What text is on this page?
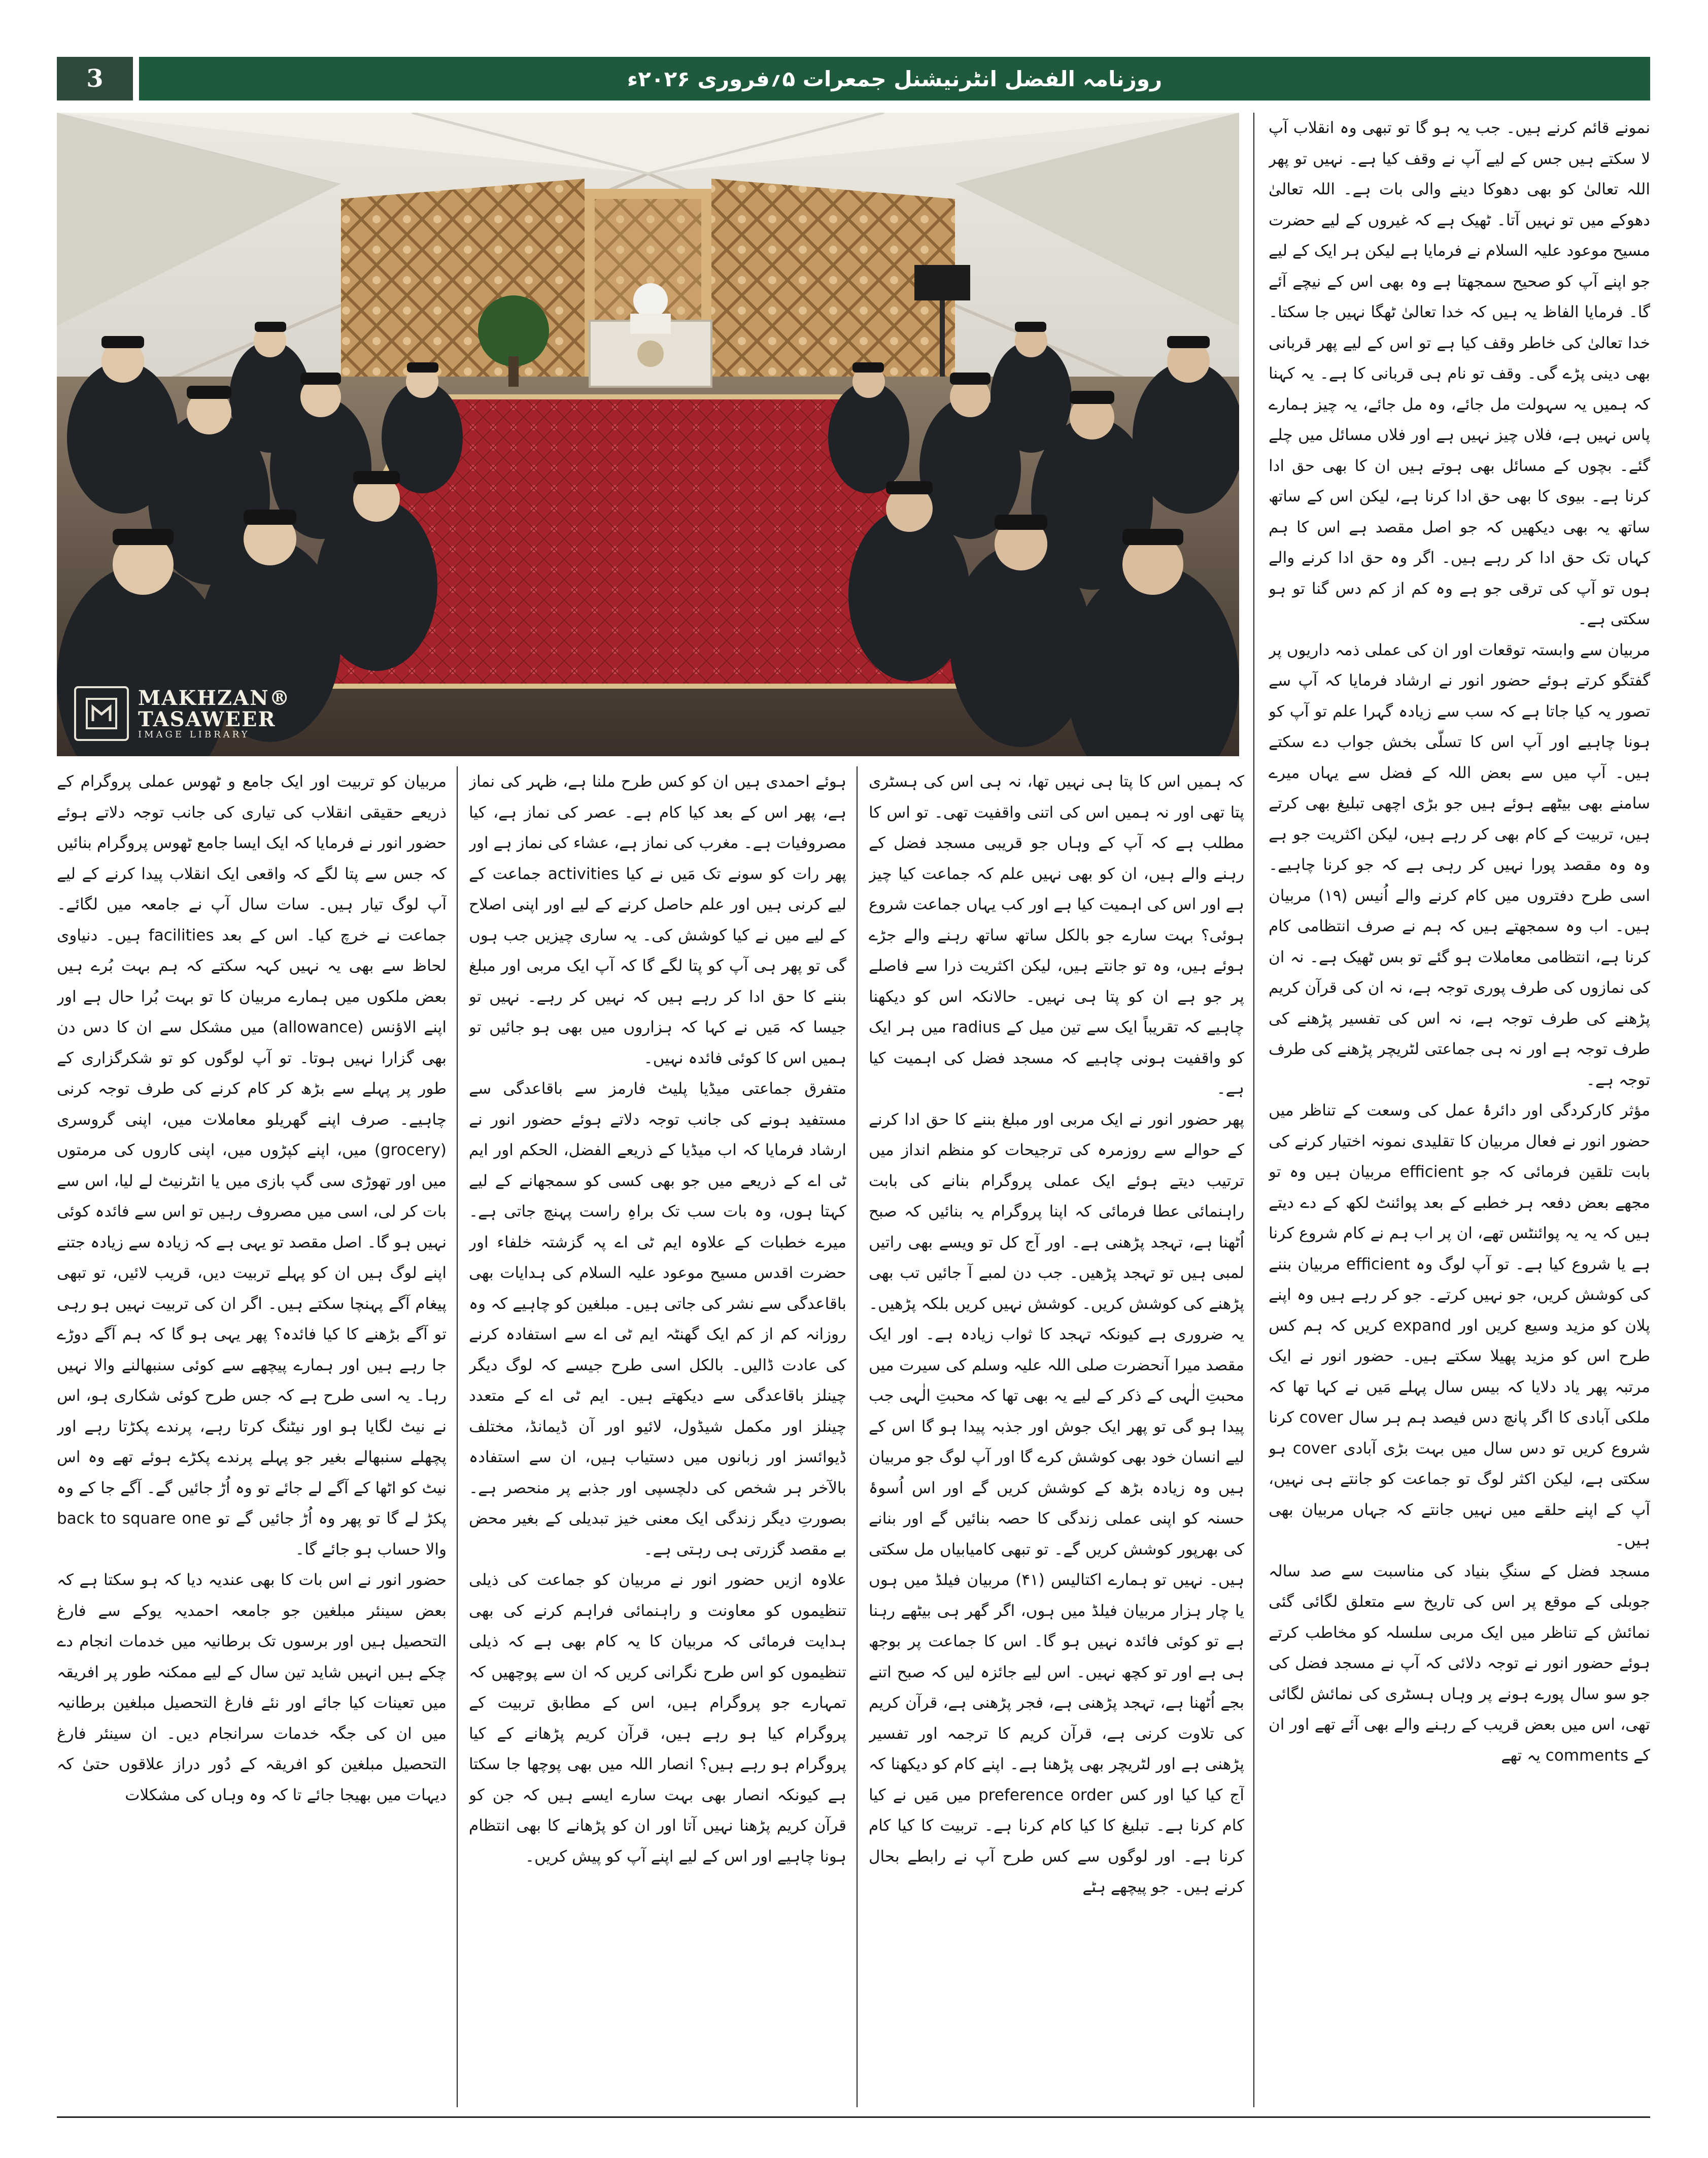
3	روزنامہ الفضل انٹرنیشنل جمعرات ۵؍فروری ۲۰۲۶ء
MAKHZAN®
TASAWEER
IMAGE LIBRARY

نمونے قائم کرنے ہیں۔ جب یہ ہو گا تو تبھی وہ انقلاب آپ لا سکتے ہیں جس کے لیے آپ نے وقف کیا ہے۔ نہیں تو پھر اللہ تعالیٰ کو بھی دھوکا دینے والی بات ہے۔ اللہ تعالیٰ دھوکے میں تو نہیں آتا۔ ٹھیک ہے کہ غیروں کے لیے حضرت مسیح موعود علیہ السلام نے فرمایا ہے لیکن ہر ایک کے لیے جو اپنے آپ کو صحیح سمجھتا ہے وہ بھی اس کے نیچے آئے گا۔ فرمایا الفاظ یہ ہیں کہ خدا تعالیٰ ٹھگا نہیں جا سکتا۔ خدا تعالیٰ کی خاطر وقف کیا ہے تو اس کے لیے پھر قربانی بھی دینی پڑے گی۔ وقف تو نام ہی قربانی کا ہے۔ یہ کہنا کہ ہمیں یہ سہولت مل جائے، وہ مل جائے، یہ چیز ہمارے پاس نہیں ہے، فلاں چیز نہیں ہے اور فلاں مسائل میں چلے گئے۔ بچوں کے مسائل بھی ہوتے ہیں ان کا بھی حق ادا کرنا ہے۔ بیوی کا بھی حق ادا کرنا ہے، لیکن اس کے ساتھ ساتھ یہ بھی دیکھیں کہ جو اصل مقصد ہے اس کا ہم کہاں تک حق ادا کر رہے ہیں۔ اگر وہ حق ادا کرنے والے ہوں تو آپ کی ترقی جو ہے وہ کم از کم دس گنا تو ہو سکتی ہے۔

مربیان سے وابستہ توقعات اور ان کی عملی ذمہ داریوں پر گفتگو کرتے ہوئے حضور انور نے ارشاد فرمایا کہ آپ سے تصور یہ کیا جاتا ہے کہ سب سے زیادہ گہرا علم تو آپ کو ہونا چاہیے اور آپ اس کا تسلّی بخش جواب دے سکتے ہیں۔ آپ میں سے بعض اللہ کے فضل سے یہاں میرے سامنے بھی بیٹھے ہوئے ہیں جو بڑی اچھی تبلیغ بھی کرتے ہیں، تربیت کے کام بھی کر رہے ہیں، لیکن اکثریت جو ہے وہ وہ مقصد پورا نہیں کر رہی ہے کہ جو کرنا چاہیے۔ اسی طرح دفتروں میں کام کرنے والے اُنیس (۱۹) مربیان ہیں۔ اب وہ سمجھتے ہیں کہ ہم نے صرف انتظامی کام کرنا ہے، انتظامی معاملات ہو گئے تو بس ٹھیک ہے۔ نہ ان کی نمازوں کی طرف پوری توجہ ہے، نہ ان کی قرآن کریم پڑھنے کی طرف توجہ ہے، نہ اس کی تفسیر پڑھنے کی طرف توجہ ہے اور نہ ہی جماعتی لٹریچر پڑھنے کی طرف توجہ ہے۔

مؤثر کارکردگی اور دائرۂ عمل کی وسعت کے تناظر میں حضور انور نے فعال مربیان کا تقلیدی نمونہ اختیار کرنے کی بابت تلقین فرمائی کہ جو efficient مربیان ہیں وہ تو مجھے بعض دفعہ ہر خطبے کے بعد پوائنٹ لکھ کے دے دیتے ہیں کہ یہ یہ پوائنٹس تھے، ان پر اب ہم نے کام شروع کرنا ہے یا شروع کیا ہے۔ تو آپ لوگ وہ efficient مربیان بننے کی کوشش کریں، جو نہیں کرتے۔ جو کر رہے ہیں وہ اپنے پلان کو مزید وسیع کریں اور expand کریں کہ ہم کس طرح اس کو مزید پھیلا سکتے ہیں۔ حضور انور نے ایک مرتبہ پھر یاد دلایا کہ بیس سال پہلے مَیں نے کہا تھا کہ ملکی آبادی کا اگر پانچ دس فیصد ہم ہر سال cover کرنا شروع کریں تو دس سال میں بہت بڑی آبادی cover ہو سکتی ہے، لیکن اکثر لوگ تو جماعت کو جانتے ہی نہیں، آپ کے اپنے حلقے میں نہیں جانتے کہ جہاں مربیان بھی ہیں۔

مسجد فضل کے سنگِ بنیاد کی مناسبت سے صد سالہ جوبلی کے موقع پر اس کی تاریخ سے متعلق لگائی گئی نمائش کے تناظر میں ایک مربی سلسلہ کو مخاطب کرتے ہوئے حضور انور نے توجہ دلائی کہ آپ نے مسجد فضل کی جو سو سال پورے ہونے پر وہاں ہسٹری کی نمائش لگائی تھی، اس میں بعض قریب کے رہنے والے بھی آئے تھے اور ان کے comments یہ تھے

کہ ہمیں اس کا پتا ہی نہیں تھا، نہ ہی اس کی ہسٹری پتا تھی اور نہ ہمیں اس کی اتنی واقفیت تھی۔ تو اس کا مطلب ہے کہ آپ کے وہاں جو قریبی مسجد فضل کے رہنے والے ہیں، ان کو بھی نہیں علم کہ جماعت کیا چیز ہے اور اس کی اہمیت کیا ہے اور کب یہاں جماعت شروع ہوئی؟ بہت سارے جو بالکل ساتھ ساتھ رہنے والے جڑے ہوئے ہیں، وہ تو جانتے ہیں، لیکن اکثریت ذرا سے فاصلے پر جو ہے ان کو پتا ہی نہیں۔ حالانکہ اس کو دیکھنا چاہیے کہ تقریباً ایک سے تین میل کے radius میں ہر ایک کو واقفیت ہونی چاہیے کہ مسجد فضل کی اہمیت کیا ہے۔

پھر حضور انور نے ایک مربی اور مبلغ بننے کا حق ادا کرنے کے حوالے سے روزمرہ کی ترجیحات کو منظم انداز میں ترتیب دیتے ہوئے ایک عملی پروگرام بنانے کی بابت راہنمائی عطا فرمائی کہ اپنا پروگرام یہ بنائیں کہ صبح اُٹھنا ہے، تہجد پڑھنی ہے۔ اور آج کل تو ویسے بھی راتیں لمبی ہیں تو تہجد پڑھیں۔ جب دن لمبے آ جائیں تب بھی پڑھنے کی کوشش کریں۔ کوشش نہیں کریں بلکہ پڑھیں۔ یہ ضروری ہے کیونکہ تہجد کا ثواب زیادہ ہے۔ اور ایک مقصد میرا آنحضرت صلی اللہ علیہ وسلم کی سیرت میں محبتِ الٰہی کے ذکر کے لیے یہ بھی تھا کہ محبتِ الٰہی جب پیدا ہو گی تو پھر ایک جوش اور جذبہ پیدا ہو گا اس کے لیے انسان خود بھی کوشش کرے گا اور آپ لوگ جو مربیان ہیں وہ زیادہ بڑھ کے کوشش کریں گے اور اس اُسوۂ حسنہ کو اپنی عملی زندگی کا حصہ بنائیں گے اور بنانے کی بھرپور کوشش کریں گے۔ تو تبھی کامیابیاں مل سکتی ہیں۔ نہیں تو ہمارے اکتالیس (۴۱) مربیان فیلڈ میں ہوں یا چار ہزار مربیان فیلڈ میں ہوں، اگر گھر ہی بیٹھے رہنا ہے تو کوئی فائدہ نہیں ہو گا۔ اس کا جماعت پر بوجھ ہی ہے اور تو کچھ نہیں۔ اس لیے جائزہ لیں کہ صبح اتنے بجے اُٹھنا ہے، تہجد پڑھنی ہے، فجر پڑھنی ہے، قرآن کریم کی تلاوت کرنی ہے، قرآن کریم کا ترجمہ اور تفسیر پڑھنی ہے اور لٹریچر بھی پڑھنا ہے۔ اپنے کام کو دیکھنا کہ آج کیا کیا اور کس preference order میں مَیں نے کیا کام کرنا ہے۔ تبلیغ کا کیا کام کرنا ہے۔ تربیت کا کیا کام کرنا ہے۔ اور لوگوں سے کس طرح آپ نے رابطے بحال کرنے ہیں۔ جو پیچھے ہٹے

ہوئے احمدی ہیں ان کو کس طرح ملنا ہے، ظہر کی نماز ہے، پھر اس کے بعد کیا کام ہے۔ عصر کی نماز ہے، کیا مصروفیات ہے۔ مغرب کی نماز ہے، عشاء کی نماز ہے اور پھر رات کو سونے تک مَیں نے کیا activities جماعت کے لیے کرنی ہیں اور علم حاصل کرنے کے لیے اور اپنی اصلاح کے لیے میں نے کیا کوشش کی۔ یہ ساری چیزیں جب ہوں گی تو پھر ہی آپ کو پتا لگے گا کہ آپ ایک مربی اور مبلغ بننے کا حق ادا کر رہے ہیں کہ نہیں کر رہے۔ نہیں تو جیسا کہ مَیں نے کہا کہ ہزاروں میں بھی ہو جائیں تو ہمیں اس کا کوئی فائدہ نہیں۔

متفرق جماعتی میڈیا پلیٹ فارمز سے باقاعدگی سے مستفید ہونے کی جانب توجہ دلاتے ہوئے حضور انور نے ارشاد فرمایا کہ اب میڈیا کے ذریعے الفضل، الحکم اور ایم ٹی اے کے ذریعے میں جو بھی کسی کو سمجھانے کے لیے کہتا ہوں، وہ بات سب تک براہِ راست پہنچ جاتی ہے۔ میرے خطبات کے علاوہ ایم ٹی اے پہ گزشتہ خلفاء اور حضرت اقدس مسیح موعود علیہ السلام کی ہدایات بھی باقاعدگی سے نشر کی جاتی ہیں۔ مبلغین کو چاہیے کہ وہ روزانہ کم از کم ایک گھنٹہ ایم ٹی اے سے استفادہ کرنے کی عادت ڈالیں۔ بالکل اسی طرح جیسے کہ لوگ دیگر چینلز باقاعدگی سے دیکھتے ہیں۔ ایم ٹی اے کے متعدد چینلز اور مکمل شیڈول، لائیو اور آن ڈیمانڈ، مختلف ڈیوائسز اور زبانوں میں دستیاب ہیں، ان سے استفادہ بالآخر ہر شخص کی دلچسپی اور جذبے پر منحصر ہے۔ بصورتِ دیگر زندگی ایک معنی خیز تبدیلی کے بغیر محض بے مقصد گزرتی ہی رہتی ہے۔

علاوہ ازیں حضور انور نے مربیان کو جماعت کی ذیلی تنظیموں کو معاونت و راہنمائی فراہم کرنے کی بھی ہدایت فرمائی کہ مربیان کا یہ کام بھی ہے کہ ذیلی تنظیموں کو اس طرح نگرانی کریں کہ ان سے پوچھیں کہ تمہارے جو پروگرام ہیں، اس کے مطابق تربیت کے پروگرام کیا ہو رہے ہیں، قرآن کریم پڑھانے کے کیا پروگرام ہو رہے ہیں؟ انصار اللہ میں بھی پوچھا جا سکتا ہے کیونکہ انصار بھی بہت سارے ایسے ہیں کہ جن کو قرآن کریم پڑھنا نہیں آتا اور ان کو پڑھانے کا بھی انتظام ہونا چاہیے اور اس کے لیے اپنے آپ کو پیش کریں۔

مربیان کو تربیت اور ایک جامع و ٹھوس عملی پروگرام کے ذریعے حقیقی انقلاب کی تیاری کی جانب توجہ دلاتے ہوئے حضور انور نے فرمایا کہ ایک ایسا جامع ٹھوس پروگرام بنائیں کہ جس سے پتا لگے کہ واقعی ایک انقلاب پیدا کرنے کے لیے آپ لوگ تیار ہیں۔ سات سال آپ نے جامعہ میں لگائے۔ جماعت نے خرچ کیا۔ اس کے بعد facilities ہیں۔ دنیاوی لحاظ سے بھی یہ نہیں کہہ سکتے کہ ہم بہت بُرے ہیں بعض ملکوں میں ہمارے مربیان کا تو بہت بُرا حال ہے اور اپنے الاؤنس (allowance) میں مشکل سے ان کا دس دن بھی گزارا نہیں ہوتا۔ تو آپ لوگوں کو تو شکرگزاری کے طور پر پہلے سے بڑھ کر کام کرنے کی طرف توجہ کرنی چاہیے۔ صرف اپنے گھریلو معاملات میں، اپنی گروسری (grocery) میں، اپنے کپڑوں میں، اپنی کاروں کی مرمتوں میں اور تھوڑی سی گپ بازی میں یا انٹرنیٹ لے لیا، اس سے بات کر لی، اسی میں مصروف رہیں تو اس سے فائدہ کوئی نہیں ہو گا۔ اصل مقصد تو یہی ہے کہ زیادہ سے زیادہ جتنے اپنے لوگ ہیں ان کو پہلے تربیت دیں، قریب لائیں، تو تبھی پیغام آگے پہنچا سکتے ہیں۔ اگر ان کی تربیت نہیں ہو رہی تو آگے بڑھنے کا کیا فائدہ؟ پھر یہی ہو گا کہ ہم آگے دوڑے جا رہے ہیں اور ہمارے پیچھے سے کوئی سنبھالنے والا نہیں رہا۔ یہ اسی طرح ہے کہ جس طرح کوئی شکاری ہو، اس نے نیٹ لگایا ہو اور نیٹنگ کرتا رہے، پرندے پکڑتا رہے اور پچھلے سنبھالے بغیر جو پہلے پرندے پکڑے ہوئے تھے وہ اس نیٹ کو اٹھا کے آگے لے جائے تو وہ اُڑ جائیں گے۔ آگے جا کے وہ پکڑ لے گا تو پھر وہ اُڑ جائیں گے تو back to square one والا حساب ہو جائے گا۔

حضور انور نے اس بات کا بھی عندیہ دیا کہ ہو سکتا ہے کہ بعض سینئر مبلغین جو جامعہ احمدیہ یوکے سے فارغ التحصیل ہیں اور برسوں تک برطانیہ میں خدمات انجام دے چکے ہیں انہیں شاید تین سال کے لیے ممکنہ طور پر افریقہ میں تعینات کیا جائے اور نئے فارغ التحصیل مبلغین برطانیہ میں ان کی جگہ خدمات سرانجام دیں۔ ان سینئر فارغ التحصیل مبلغین کو افریقہ کے دُور دراز علاقوں حتیٰ کہ دیہات میں بھیجا جائے تا کہ وہ وہاں کی مشکلات
